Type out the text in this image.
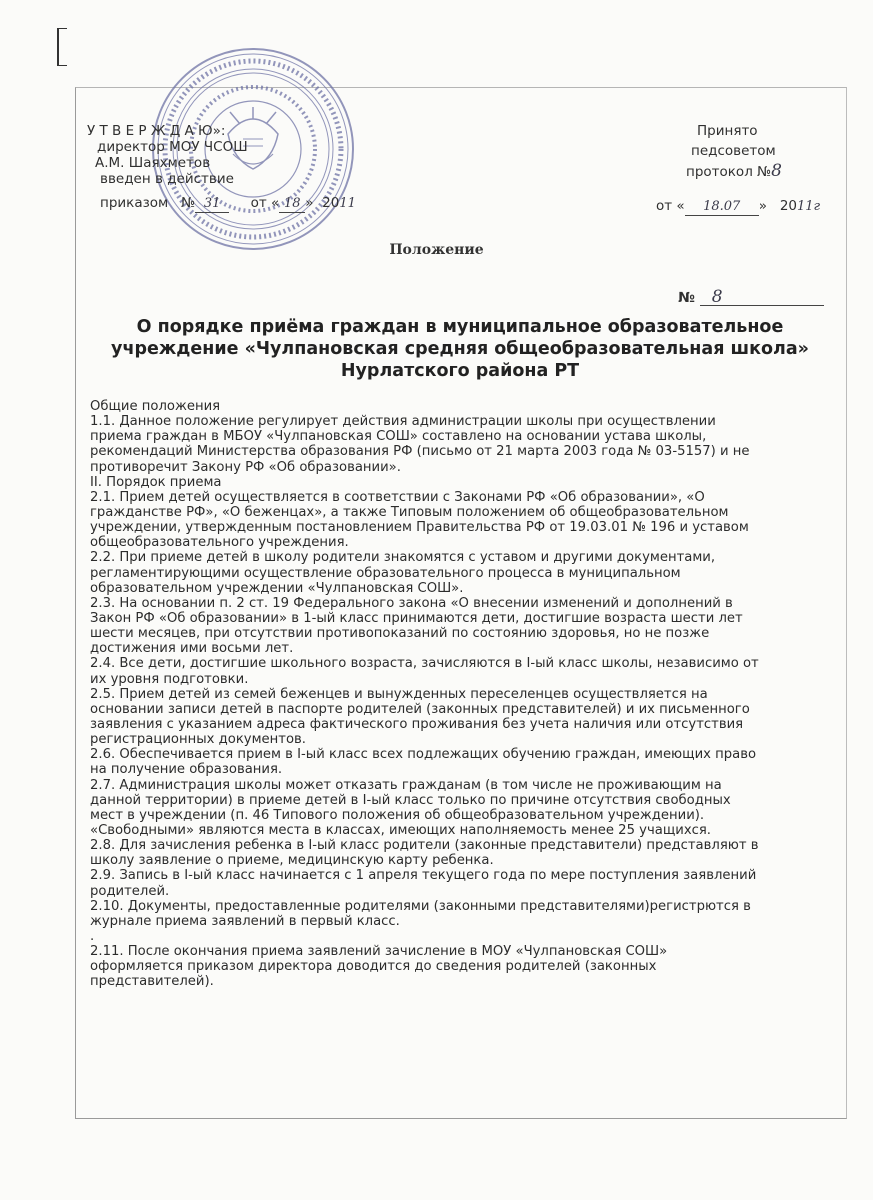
У Т В Е Р Ж Д А Ю»:
директор МОУ ЧСОШ
А.М. Шаяхметов
введен в действие
приказом № 31 от « 18 » 2011
Принято
педсоветом
протокол №8
от « 18.07 » 2011г
Положение
№ 8
О порядке приёма граждан в муниципальное образовательное
учреждение «Чулпановская средняя общеобразовательная школа»
Нурлатского района РТ
Общие положения
1.1. Данное положение регулирует действия администрации школы при осуществлении
приема граждан в МБОУ «Чулпановская СОШ» составлено на основании устава школы,
рекомендаций Министерства образования РФ (письмо от 21 марта 2003 года № 03-5157) и не
противоречит Закону РФ «Об образовании».
II. Порядок приема
2.1. Прием детей осуществляется в соответствии с Законами РФ «Об образовании», «О
гражданстве РФ», «О беженцах», а также Типовым положением об общеобразовательном
учреждении, утвержденным постановлением Правительства РФ от 19.03.01 № 196 и уставом
общеобразовательного учреждения.
2.2. При приеме детей в школу родители знакомятся с уставом и другими документами,
регламентирующими осуществление образовательного процесса в муниципальном
образовательном учреждении «Чулпановская СОШ».
2.3. На основании п. 2 ст. 19 Федерального закона «О внесении изменений и дополнений в
Закон РФ «Об образовании» в 1-ый класс принимаются дети, достигшие возраста шести лет
шести месяцев, при отсутствии противопоказаний по состоянию здоровья, но не позже
достижения ими восьми лет.
2.4. Все дети, достигшие школьного возраста, зачисляются в I-ый класс школы, независимо от
их уровня подготовки.
2.5. Прием детей из семей беженцев и вынужденных переселенцев осуществляется на
основании записи детей в паспорте родителей (законных представителей) и их письменного
заявления с указанием адреса фактического проживания без учета наличия или отсутствия
регистрационных документов.
2.6. Обеспечивается прием в I-ый класс всех подлежащих обучению граждан, имеющих право
на получение образования.
2.7. Администрация школы может отказать гражданам (в том числе не проживающим на
данной территории) в приеме детей в I-ый класс только по причине отсутствия свободных
мест в учреждении (п. 46 Типового положения об общеобразовательном учреждении).
«Свободными» являются места в классах, имеющих наполняемость менее 25 учащихся.
2.8. Для зачисления ребенка в I-ый класс родители (законные представители) представляют в
школу заявление о приеме, медицинскую карту ребенка.
2.9. Запись в I-ый класс начинается с 1 апреля текущего года по мере поступления заявлений
родителей.
2.10. Документы, предоставленные родителями (законными представителями)регистрются в
журнале приема заявлений в первый класс.
.
2.11. После окончания приема заявлений зачисление в МОУ «Чулпановская СОШ»
оформляется приказом директора доводится до сведения родителей (законных
представителей).
